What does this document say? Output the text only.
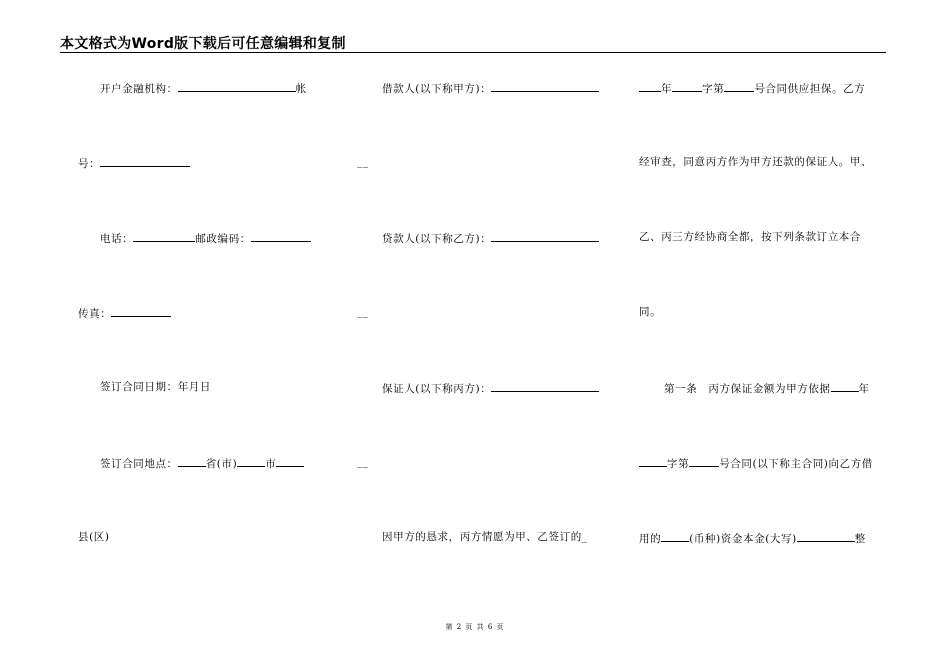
本文格式为Word版下载后可任意编辑和复制
开户金融机构：	帐
号：
电话：	邮政编码：
传真：
签订合同日期：年月日
签订合同地点：	省(市)	市
县(区)
借款人(以下称甲方)：
__
贷款人(以下称乙方)：
__
保证人(以下称丙方)：
__
因甲方的恳求，丙方情愿为甲、乙签订的_
年	字第	号合同供应担保。乙方
经审查，同意丙方作为甲方还款的保证人。甲、
乙、丙三方经协商全都，按下列条款订立本合
同。
第一条　丙方保证金额为甲方依据	年
字第	号合同(以下称主合同)向乙方借
用的	(币种)资金本金(大写)	整
第 2 页 共 6 页
